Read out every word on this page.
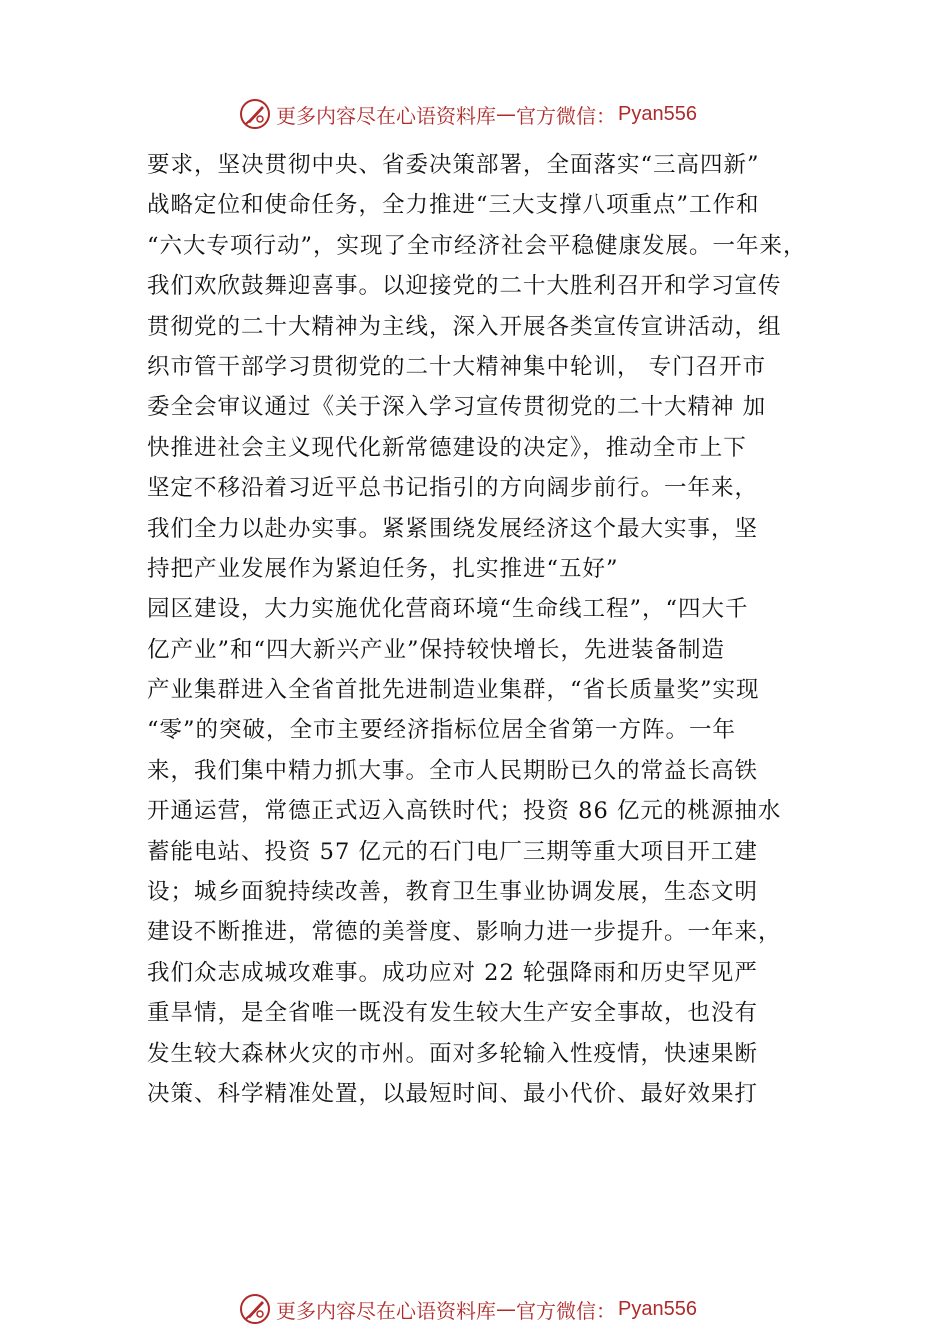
更多内容尽在心语资料库 — 官方微信： Pyan556
要求，坚决贯彻中央、省委决策部署，全面落实“三高四新”
战略定位和使命任务，全力推进“三大支撑八项重点”工作和
“六大专项行动”，实现了全市经济社会平稳健康发展。一年来，
我们欢欣鼓舞迎喜事。以迎接党的二十大胜利召开和学习宣传
贯彻党的二十大精神为主线，深入开展各类宣传宣讲活动，组
织市管干部学习贯彻党的二十大精神集中轮训， 专门召开市
委全会审议通过《关于深入学习宣传贯彻党的二十大精神 加
快推进社会主义现代化新常德建设的决定》，推动全市上下
坚定不移沿着习近平总书记指引的方向阔步前行。一年来，
我们全力以赴办实事。紧紧围绕发展经济这个最大实事，坚
持把产业发展作为紧迫任务，扎实推进“五好”
园区建设，大力实施优化营商环境“生命线工程”，“四大千
亿产业”和“四大新兴产业”保持较快增长，先进装备制造
产业集群进入全省首批先进制造业集群，“省长质量奖”实现
“零”的突破，全市主要经济指标位居全省第一方阵。一年
来，我们集中精力抓大事。全市人民期盼已久的常益长高铁
开通运营，常德正式迈入高铁时代；投资 86 亿元的桃源抽水
蓄能电站、投资 57 亿元的石门电厂三期等重大项目开工建
设；城乡面貌持续改善，教育卫生事业协调发展，生态文明
建设不断推进，常德的美誉度、影响力进一步提升。一年来，
我们众志成城攻难事。成功应对 22 轮强降雨和历史罕见严
重旱情，是全省唯一既没有发生较大生产安全事故，也没有
发生较大森林火灾的市州。面对多轮输入性疫情，快速果断
决策、科学精准处置，以最短时间、最小代价、最好效果打
更多内容尽在心语资料库 — 官方微信： Pyan556
